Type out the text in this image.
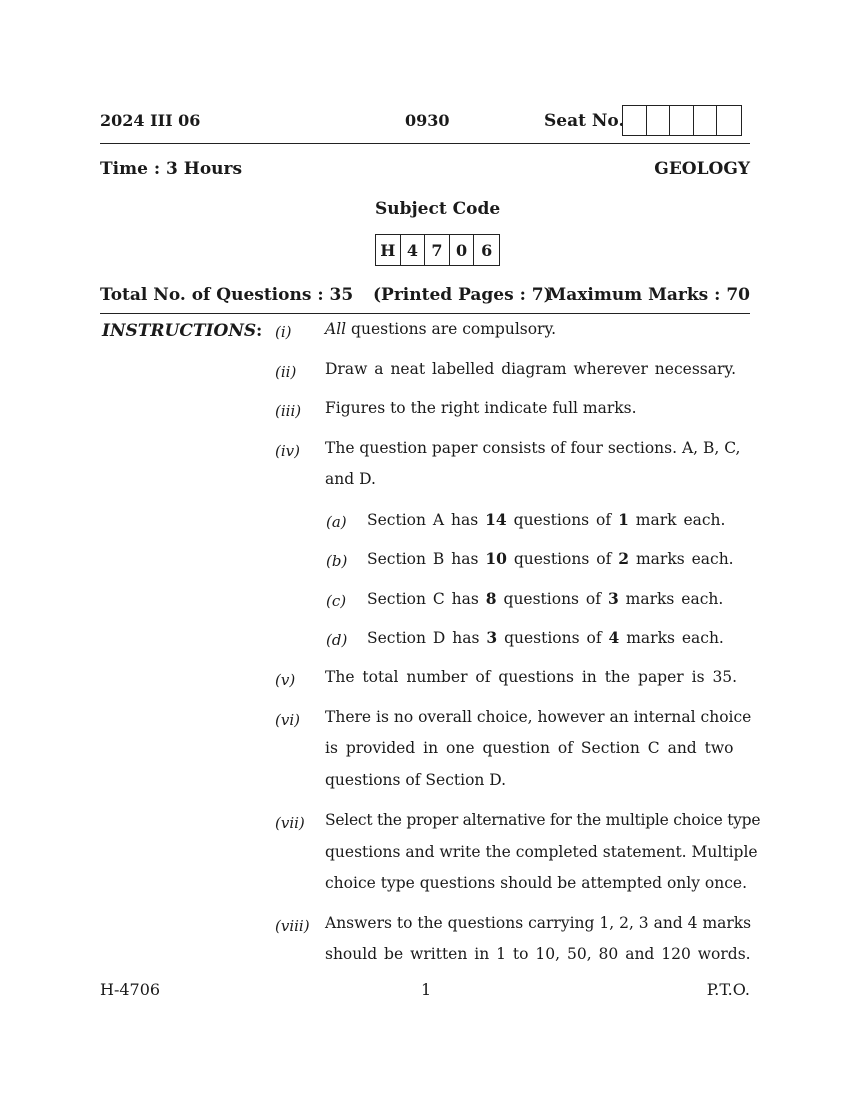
2024 III 06	0930	Seat No.
Time : 3 Hours	GEOLOGY
Subject Code
H 4 7 0 6
Total No. of Questions : 35 (Printed Pages : 7)
Maximum Marks : 70
INSTRUCTIONS : (i) All questions are compulsory.
(ii) Draw a neat labelled diagram wherever necessary.
(iii) Figures to the right indicate full marks.
(iv) The question paper consists of four sections. A, B, C,
and D.
(a) Section A has 14 questions of 1 mark each.
(b) Section B has 10 questions of 2 marks each.
(c) Section C has 8 questions of 3 marks each.
(d) Section D has 3 questions of 4 marks each.
(v) The total number of questions in the paper is 35.
(vi) There is no overall choice, however an internal choice
is provided in one question of Section C and two
questions of Section D.
(vii) Select the proper alternative for the multiple choice type
questions and write the completed statement. Multiple
choice type questions should be attempted only once.
(viii) Answers to the questions carrying 1, 2, 3 and 4 marks
should be written in 1 to 10, 50, 80 and 120 words.
H-4706	1	P.T.O.
